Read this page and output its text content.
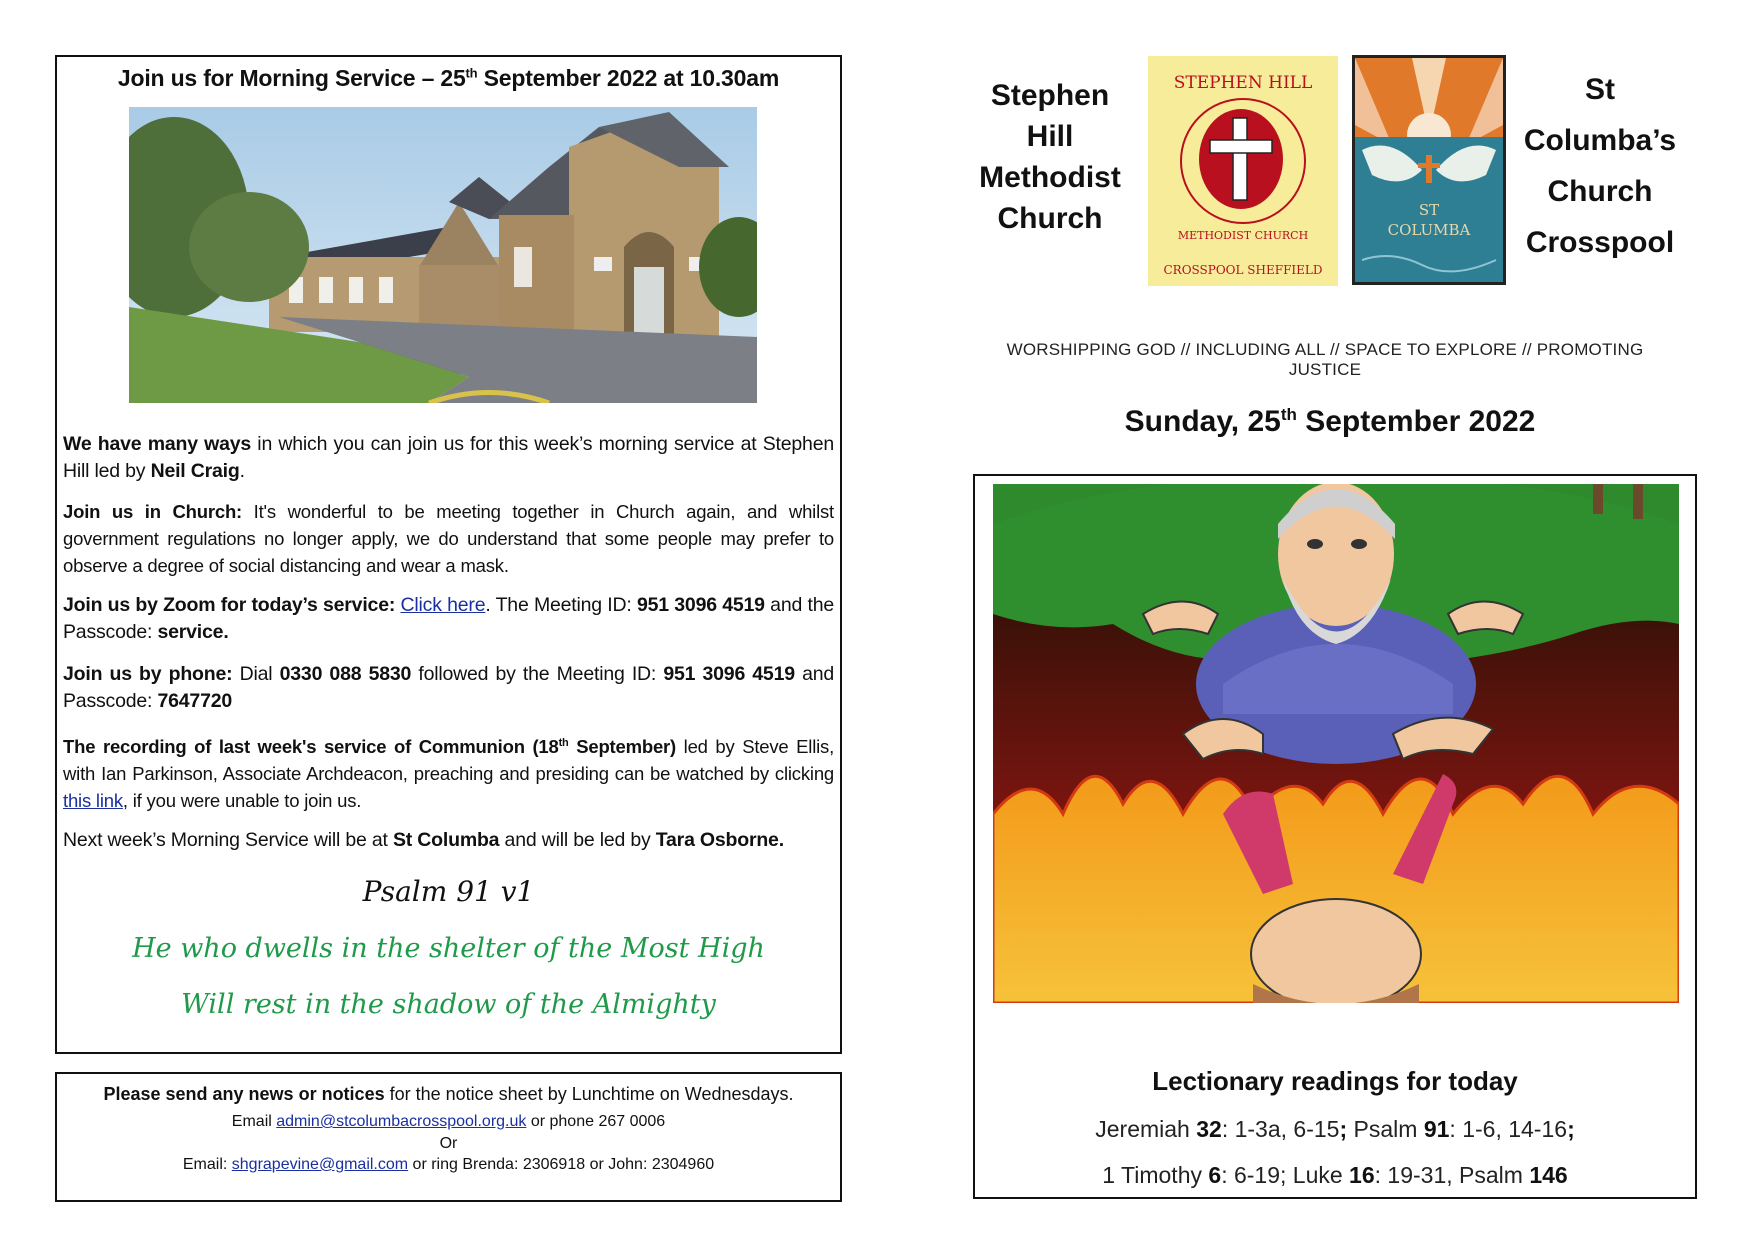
Join us for Morning Service – 25th September 2022 at 10.30am
We have many ways in which you can join us for this week’s morning service at Stephen Hill led by Neil Craig.
Join us in Church: It's wonderful to be meeting together in Church again, and whilst government regulations no longer apply, we do understand that some people may prefer to observe a degree of social distancing and wear a mask.
Join us by Zoom for today’s service: Click here. The Meeting ID: 951 3096 4519 and the Passcode: service.
Join us by phone: Dial 0330 088 5830 followed by the Meeting ID: 951 3096 4519 and Passcode: 7647720
The recording of last week's service of Communion (18th September) led by Steve Ellis, with Ian Parkinson, Associate Archdeacon, preaching and presiding can be watched by clicking this link, if you were unable to join us.
Next week’s Morning Service will be at St Columba and will be led by Tara Osborne.
Psalm 91 v1
He who dwells in the shelter of the Most High
Will rest in the shadow of the Almighty
Please send any news or notices for the notice sheet by Lunchtime on Wednesdays.
Email admin@stcolumbacrosspool.org.uk or phone 267 0006
Or
Email: shgrapevine@gmail.com or ring Brenda: 2306918 or John: 2304960
Stephen
Hill
Methodist
Church
STEPHEN HILL
METHODIST CHURCH
CROSSPOOL SHEFFIELD
ST
COLUMBA
St
Columba’s
Church
Crosspool
WORSHIPPING GOD // INCLUDING ALL // SPACE TO EXPLORE // PROMOTING JUSTICE
Sunday, 25th September 2022
Lectionary readings for today
Jeremiah 32: 1-3a, 6-15; Psalm 91: 1-6, 14-16;
1 Timothy 6: 6-19; Luke 16: 19-31, Psalm 146
